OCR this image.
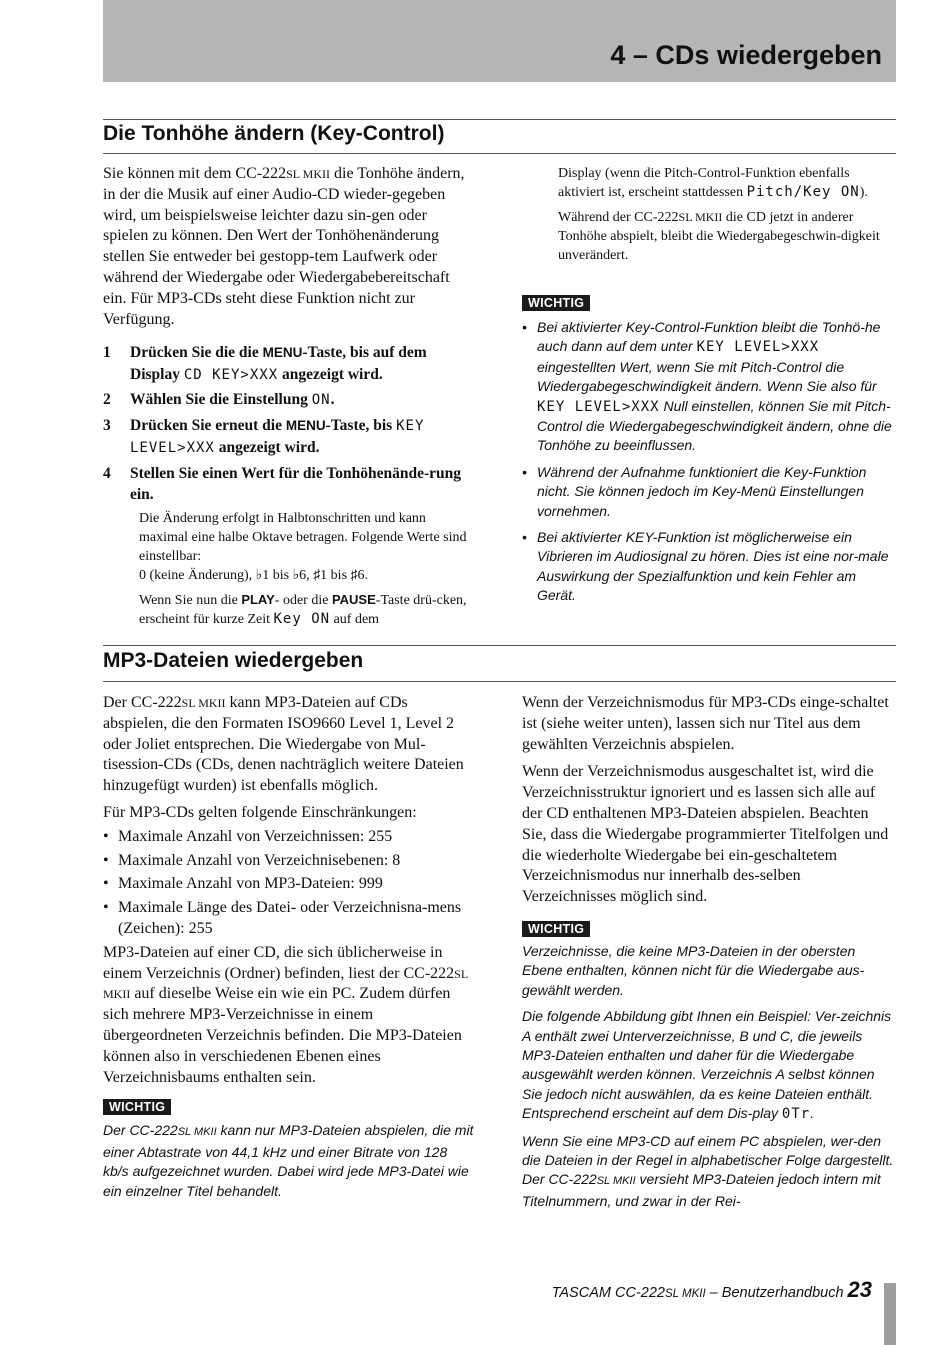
4 – CDs wiedergeben
Die Tonhöhe ändern (Key-Control)

Sie können mit dem CC-222SL MKII die Tonhöhe ändern, in der die Musik auf einer Audio-CD wieder-gegeben wird, um beispielsweise leichter dazu sin-gen oder spielen zu können. Den Wert der Tonhöhenänderung stellen Sie entweder bei gestopp-tem Laufwerk oder während der Wiedergabe oder Wiedergabebereitschaft ein. Für MP3-CDs steht diese Funktion nicht zur Verfügung.

1 Drücken Sie die die MENU-Taste, bis auf dem Display CD KEY>XXX angezeigt wird.
2 Wählen Sie die Einstellung ON.
3 Drücken Sie erneut die MENU-Taste, bis KEY LEVEL>XXX angezeigt wird.
4 Stellen Sie einen Wert für die Tonhöhenände-rung ein.

Die Änderung erfolgt in Halbtonschritten und kann maximal eine halbe Oktave betragen. Folgende Werte sind einstellbar:

0 (keine Änderung), ♭1 bis ♭6, ♯1 bis ♯6.

Wenn Sie nun die PLAY- oder die PAUSE-Taste drü-cken, erscheint für kurze Zeit Key ON auf dem

Display (wenn die Pitch-Control-Funktion ebenfalls aktiviert ist, erscheint stattdessen Pitch/Key ON).

Während der CC-222SL MKII die CD jetzt in anderer Tonhöhe abspielt, bleibt die Wiedergabegeschwin-digkeit unverändert.

WICHTIG
• Bei aktivierter Key-Control-Funktion bleibt die Tonhö-he auch dann auf dem unter KEY LEVEL>XXX eingestellten Wert, wenn Sie mit Pitch-Control die Wiedergabegeschwindigkeit ändern. Wenn Sie also für KEY LEVEL>XXX Null einstellen, können Sie mit Pitch-Control die Wiedergabegeschwindigkeit ändern, ohne die Tonhöhe zu beeinflussen.
• Während der Aufnahme funktioniert die Key-Funktion nicht. Sie können jedoch im Key-Menü Einstellungen vornehmen.
• Bei aktivierter KEY-Funktion ist möglicherweise ein Vibrieren im Audiosignal zu hören. Dies ist eine nor-male Auswirkung der Spezialfunktion und kein Fehler am Gerät.
MP3-Dateien wiedergeben

Der CC-222SL MKII kann MP3-Dateien auf CDs abspielen, die den Formaten ISO9660 Level 1, Level 2 oder Joliet entsprechen. Die Wiedergabe von Mul-tisession-CDs (CDs, denen nachträglich weitere Dateien hinzugefügt wurden) ist ebenfalls möglich.

Für MP3-CDs gelten folgende Einschränkungen:

• Maximale Anzahl von Verzeichnissen: 255
• Maximale Anzahl von Verzeichnisebenen: 8
• Maximale Anzahl von MP3-Dateien: 999
• Maximale Länge des Datei- oder Verzeichnisna-mens (Zeichen): 255

MP3-Dateien auf einer CD, die sich üblicherweise in einem Verzeichnis (Ordner) befinden, liest der CC-222SL MKII auf dieselbe Weise ein wie ein PC. Zudem dürfen sich mehrere MP3-Verzeichnisse in einem übergeordneten Verzeichnis befinden. Die MP3-Dateien können also in verschiedenen Ebenen eines Verzeichnisbaums enthalten sein.

WICHTIG

Der CC-222SL MKII kann nur MP3-Dateien abspielen, die mit einer Abtastrate von 44,1 kHz und einer Bitrate von 128 kb/s aufgezeichnet wurden. Dabei wird jede MP3-Datei wie ein einzelner Titel behandelt.

Wenn der Verzeichnismodus für MP3-CDs einge-schaltet ist (siehe weiter unten), lassen sich nur Titel aus dem gewählten Verzeichnis abspielen.

Wenn der Verzeichnismodus ausgeschaltet ist, wird die Verzeichnisstruktur ignoriert und es lassen sich alle auf der CD enthaltenen MP3-Dateien abspielen. Beachten Sie, dass die Wiedergabe programmierter Titelfolgen und die wiederholte Wiedergabe bei ein-geschaltetem Verzeichnismodus nur innerhalb des-selben Verzeichnisses möglich sind.

WICHTIG

Verzeichnisse, die keine MP3-Dateien in der obersten Ebene enthalten, können nicht für die Wiedergabe aus-gewählt werden.

Die folgende Abbildung gibt Ihnen ein Beispiel: Ver-zeichnis A enthält zwei Unterverzeichnisse, B und C, die jeweils MP3-Dateien enthalten und daher für die Wiedergabe ausgewählt werden können. Verzeichnis A selbst können Sie jedoch nicht auswählen, da es keine Dateien enthält. Entsprechend erscheint auf dem Dis-play 0Tr.

Wenn Sie eine MP3-CD auf einem PC abspielen, wer-den die Dateien in der Regel in alphabetischer Folge dargestellt. Der CC-222SL MKII versieht MP3-Dateien jedoch intern mit Titelnummern, und zwar in der Rei-

TASCAM CC-222SL MKII – Benutzerhandbuch 23
